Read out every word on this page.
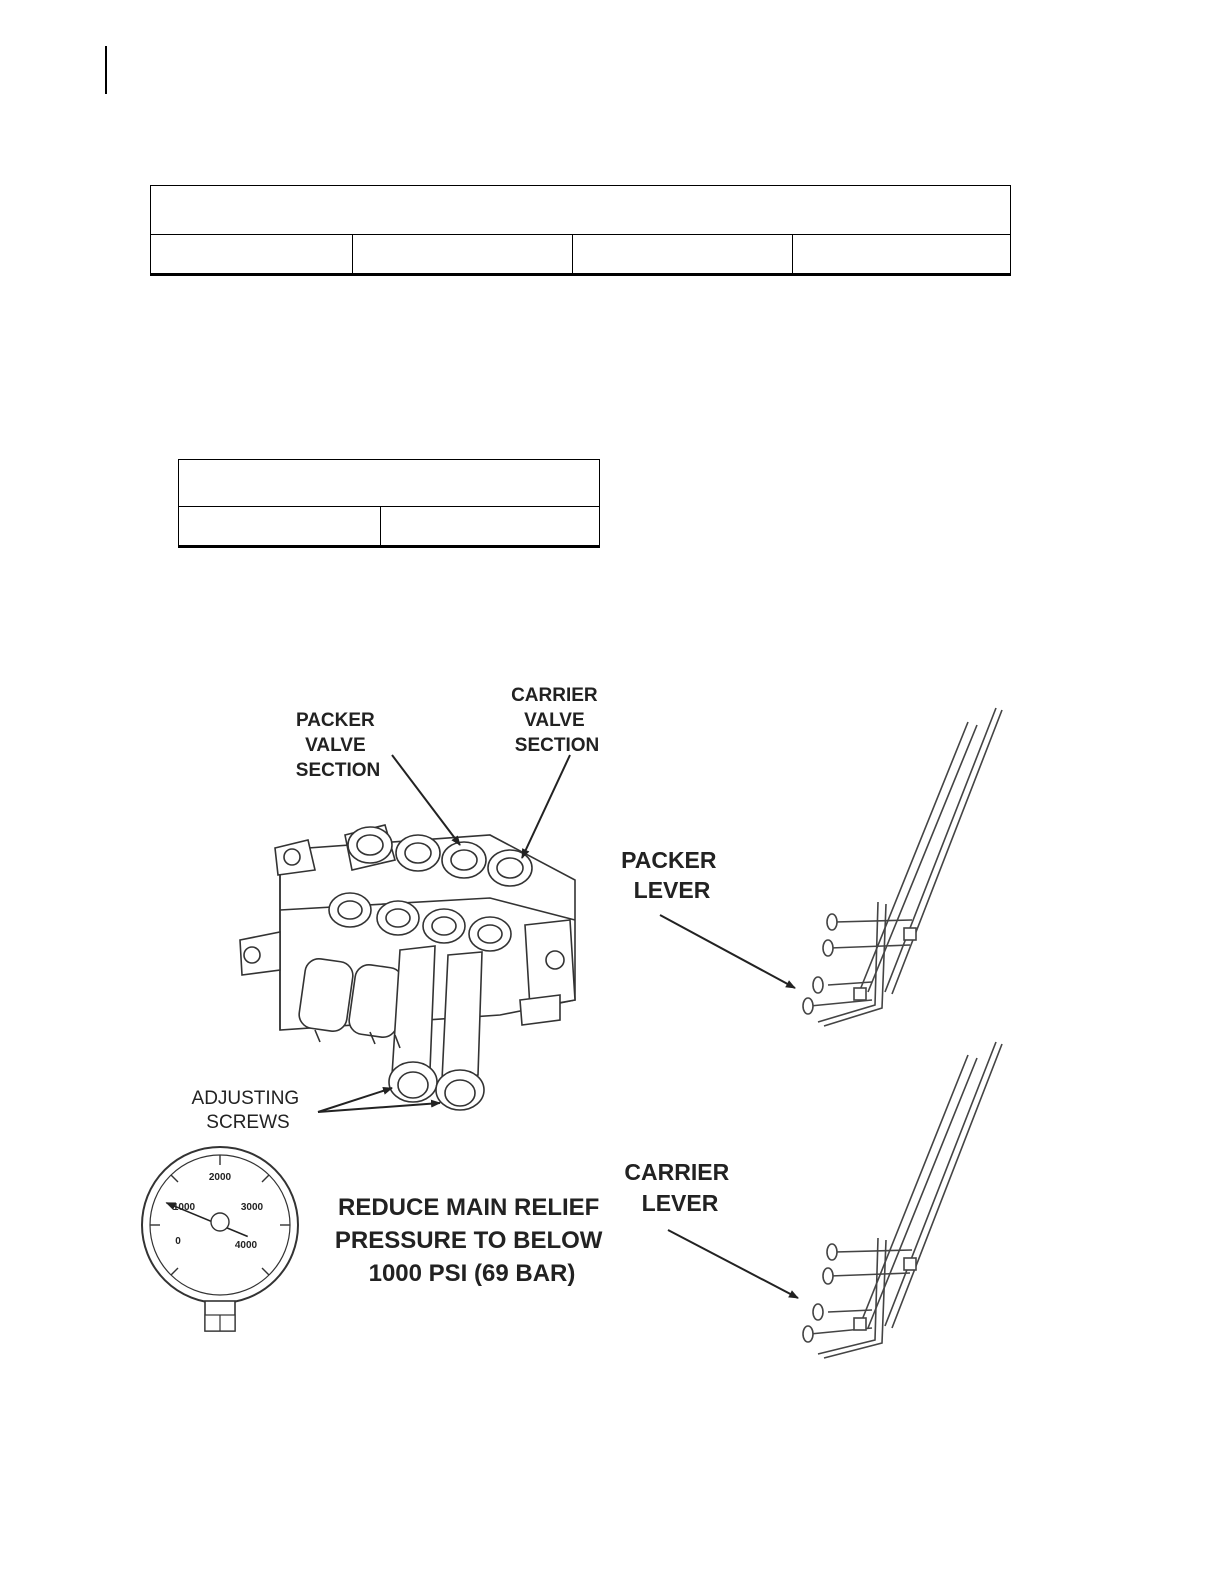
PACKER VALVE SECTION
CARRIER VALVE SECTION
ADJUSTING SCREWS
0
1000
2000
3000
4000
REDUCE MAIN RELIEF PRESSURE TO BELOW 1000 PSI (69 BAR)
PACKER LEVER
CARRIER LEVER
